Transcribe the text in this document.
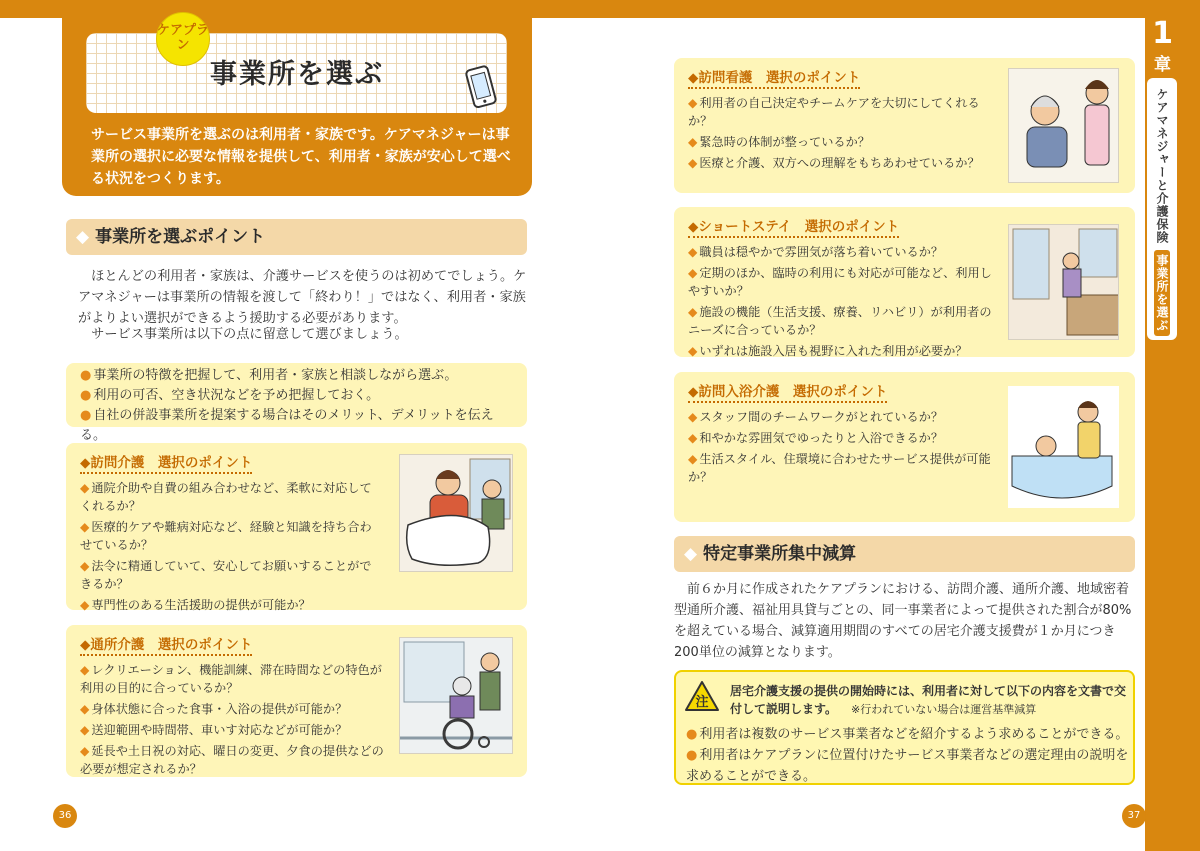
1
章
ケアマネジャーと介護保険
事業所を選ぶ
ケアプラン
事業所を選ぶ
サービス事業所を選ぶのは利用者・家族です。ケアマネジャーは事業所の選択に必要な情報を提供して、利用者・家族が安心して選べる状況をつくります。
◆ 事業所を選ぶポイント
　ほとんどの利用者・家族は、介護サービスを使うのは初めてでしょう。ケアマネジャーは事業所の情報を渡して「終わり！」ではなく、利用者・家族がよりよい選択ができるよう援助する必要があります。
　サービス事業所は以下の点に留意して選びましょう。

● 事業所の特徴を把握して、利用者・家族と相談しながら選ぶ。

● 利用の可否、空き状況などを予め把握しておく。

● 自社の併設事業所を提案する場合はそのメリット、デメリットを伝える。

◆訪問介護　選択のポイント
◆ 通院介助や自費の組み合わせなど、柔軟に対応してくれるか？
◆ 医療的ケアや難病対応など、経験と知識を持ち合わせているか？
◆ 法令に精通していて、安心してお願いすることができるか？
◆ 専門性のある生活援助の提供が可能か？
◆通所介護　選択のポイント
◆ レクリエーション、機能訓練、滞在時間などの特色が利用の目的に合っているか？
◆ 身体状態に合った食事・入浴の提供が可能か？
◆ 送迎範囲や時間帯、車いす対応などが可能か？
◆ 延長や土日祝の対応、曜日の変更、夕食の提供などの必要が想定されるか？
◆訪問看護　選択のポイント
◆ 利用者の自己決定やチームケアを大切にしてくれるか？
◆ 緊急時の体制が整っているか？
◆ 医療と介護、双方への理解をもちあわせているか？
◆ショートステイ　選択のポイント
◆ 職員は穏やかで雰囲気が落ち着いているか？
◆ 定期のほか、臨時の利用にも対応が可能など、利用しやすいか？
◆ 施設の機能（生活支援、療養、リハビリ）が利用者のニーズに合っているか？
◆ いずれは施設入居も視野に入れた利用が必要か？
◆訪問入浴介護　選択のポイント
◆ スタッフ間のチームワークがとれているか？
◆ 和やかな雰囲気でゆったりと入浴できるか？
◆ 生活スタイル、住環境に合わせたサービス提供が可能か？
◆ 特定事業所集中減算
　前６か月に作成されたケアプランにおける、訪問介護、通所介護、地域密着型通所介護、福祉用具貸与ごとの、同一事業者によって提供された割合が80%を超えている場合、減算適用期間のすべての居宅介護支援費が１か月につき200単位の減算となります。
注
居宅介護支援の提供の開始時には、利用者に対して以下の内容を文書で交付して説明します。 ※行われていない場合は運営基準減算
● 利用者は複数のサービス事業者などを紹介するよう求めることができる。
● 利用者はケアプランに位置付けたサービス事業者などの選定理由の説明を求めることができる。
36	37
